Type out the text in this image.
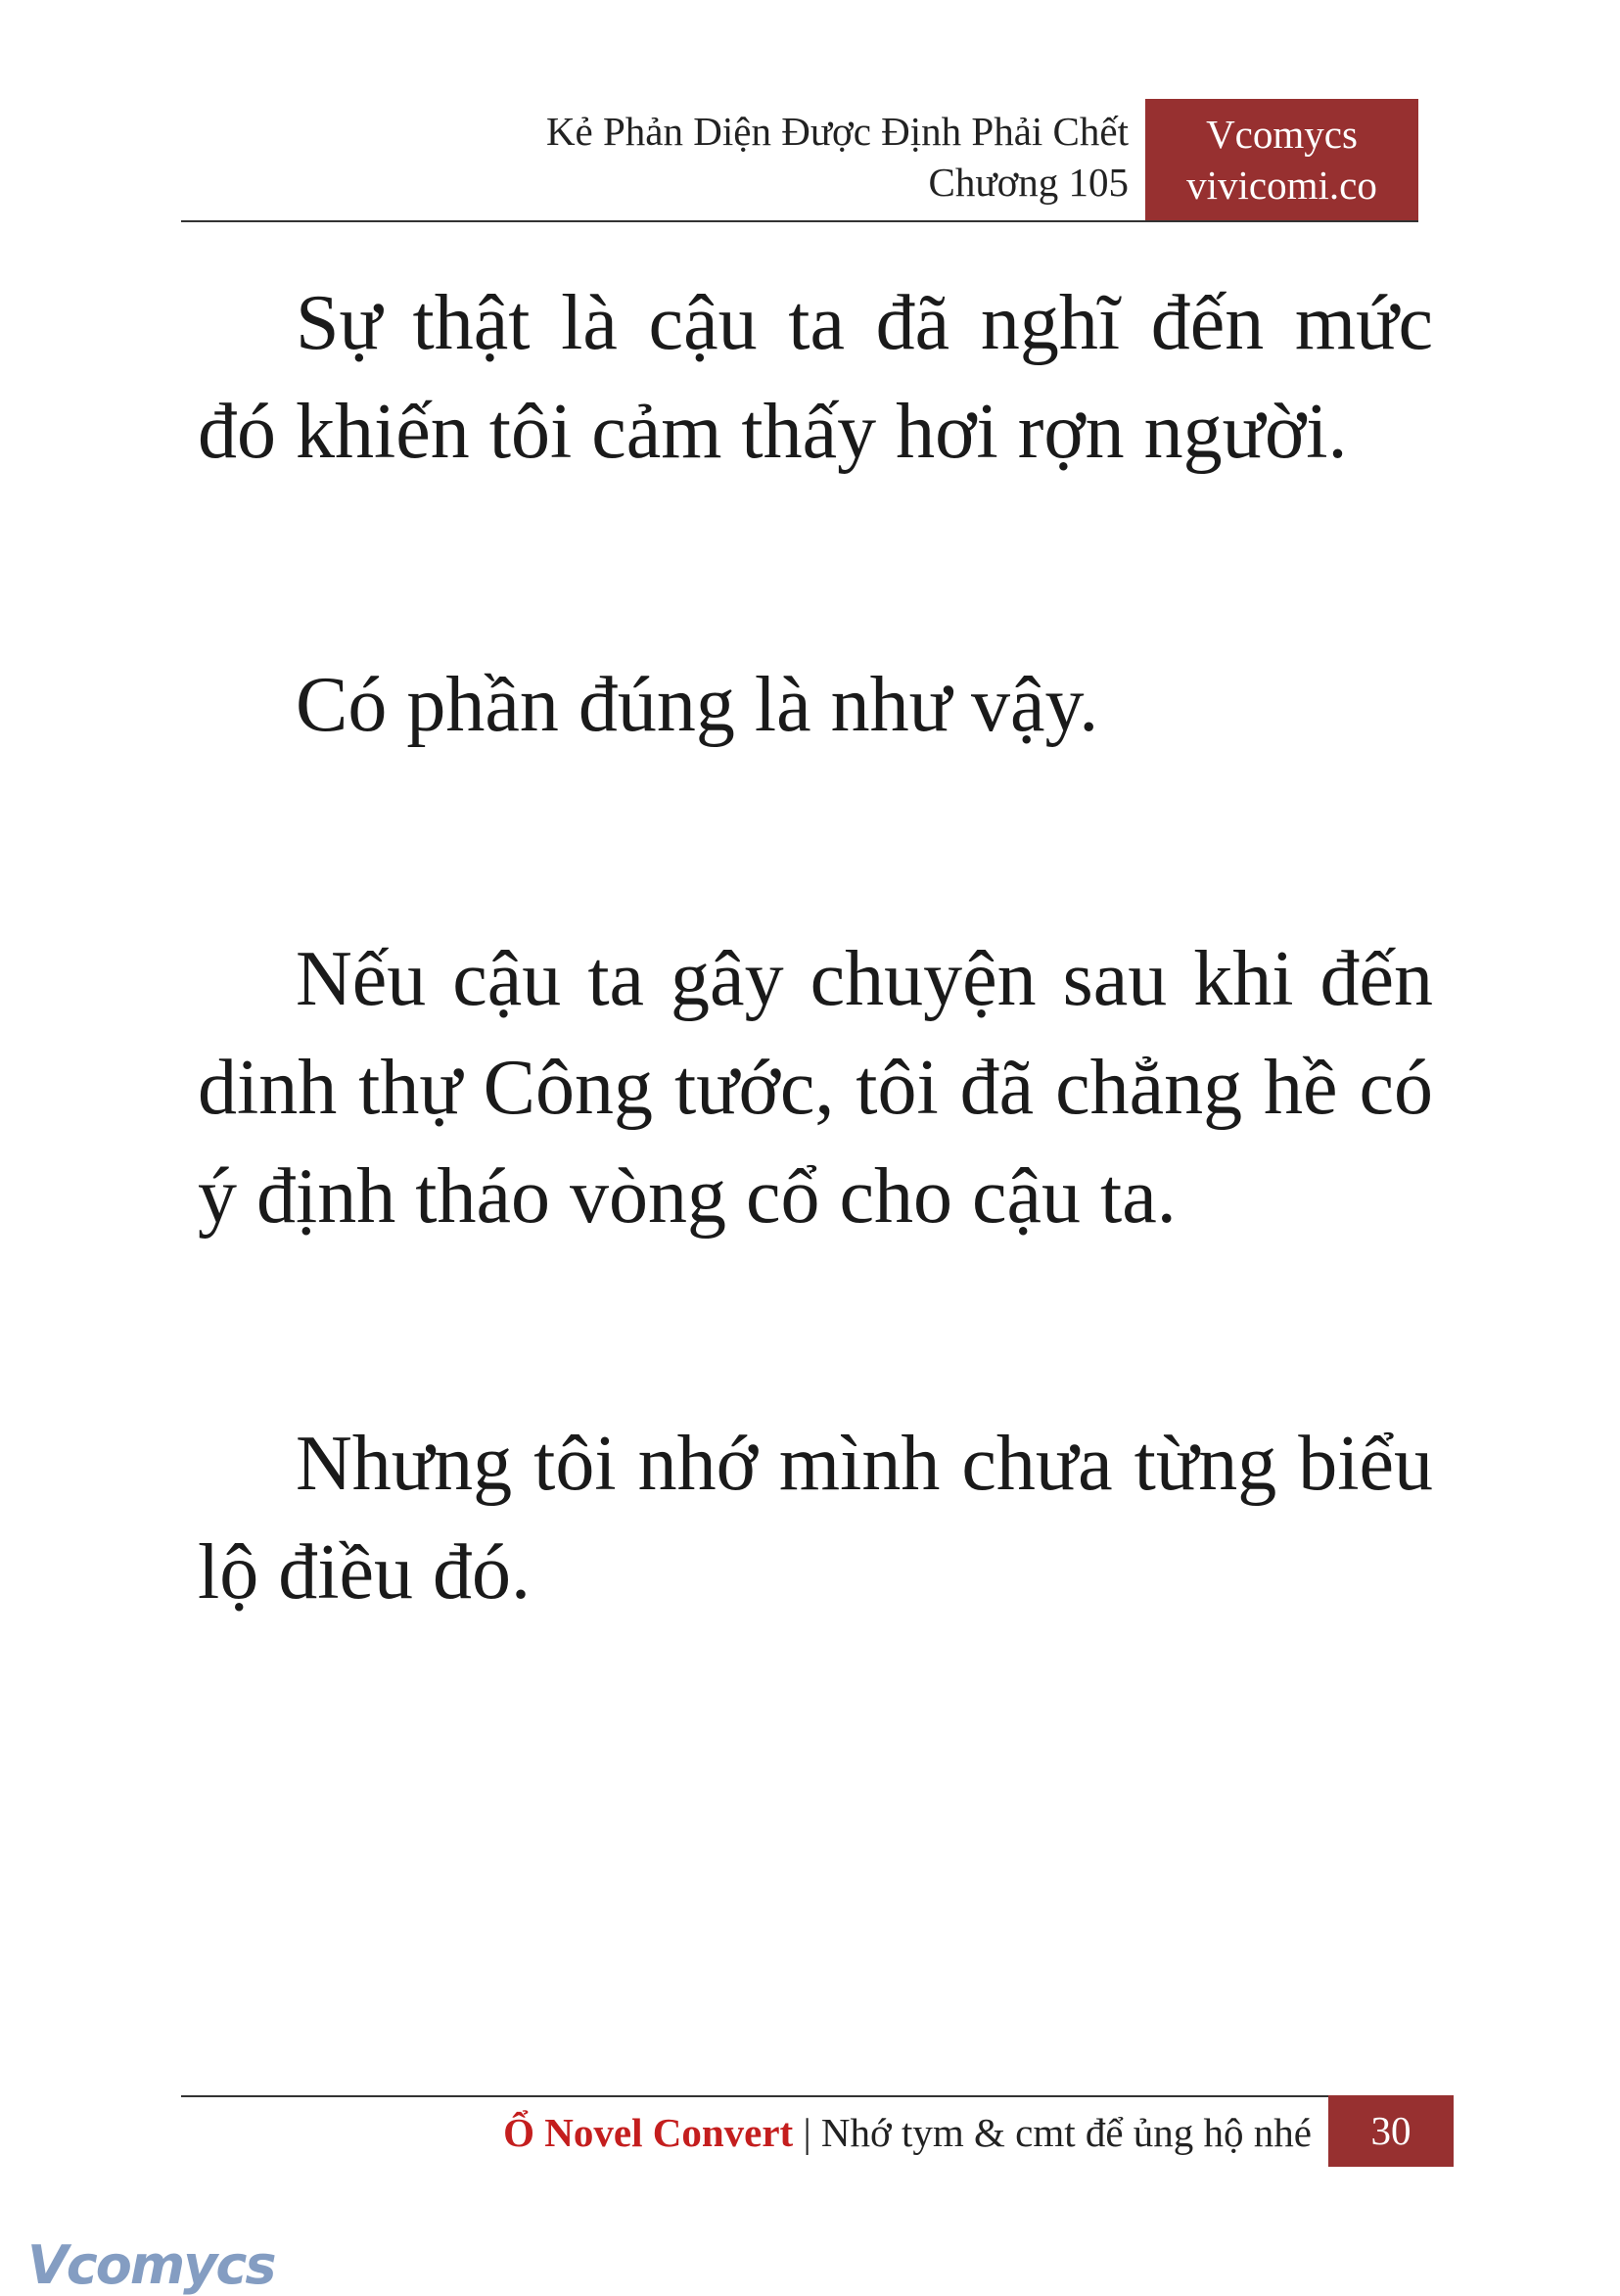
Kẻ Phản Diện Được Định Phải Chết
Chương 105
Vcomycs
vivicomi.co

Sự thật là cậu ta đã nghĩ đến mức đó khiến tôi cảm thấy hơi rợn người.

Có phần đúng là như vậy.

Nếu cậu ta gây chuyện sau khi đến dinh thự Công tước, tôi đã chẳng hề có ý định tháo vòng cổ cho cậu ta.

Nhưng tôi nhớ mình chưa từng biểu lộ điều đó.

Ổ Novel Convert | Nhớ tym & cmt để ủng hộ nhé	30
Vcomycs
